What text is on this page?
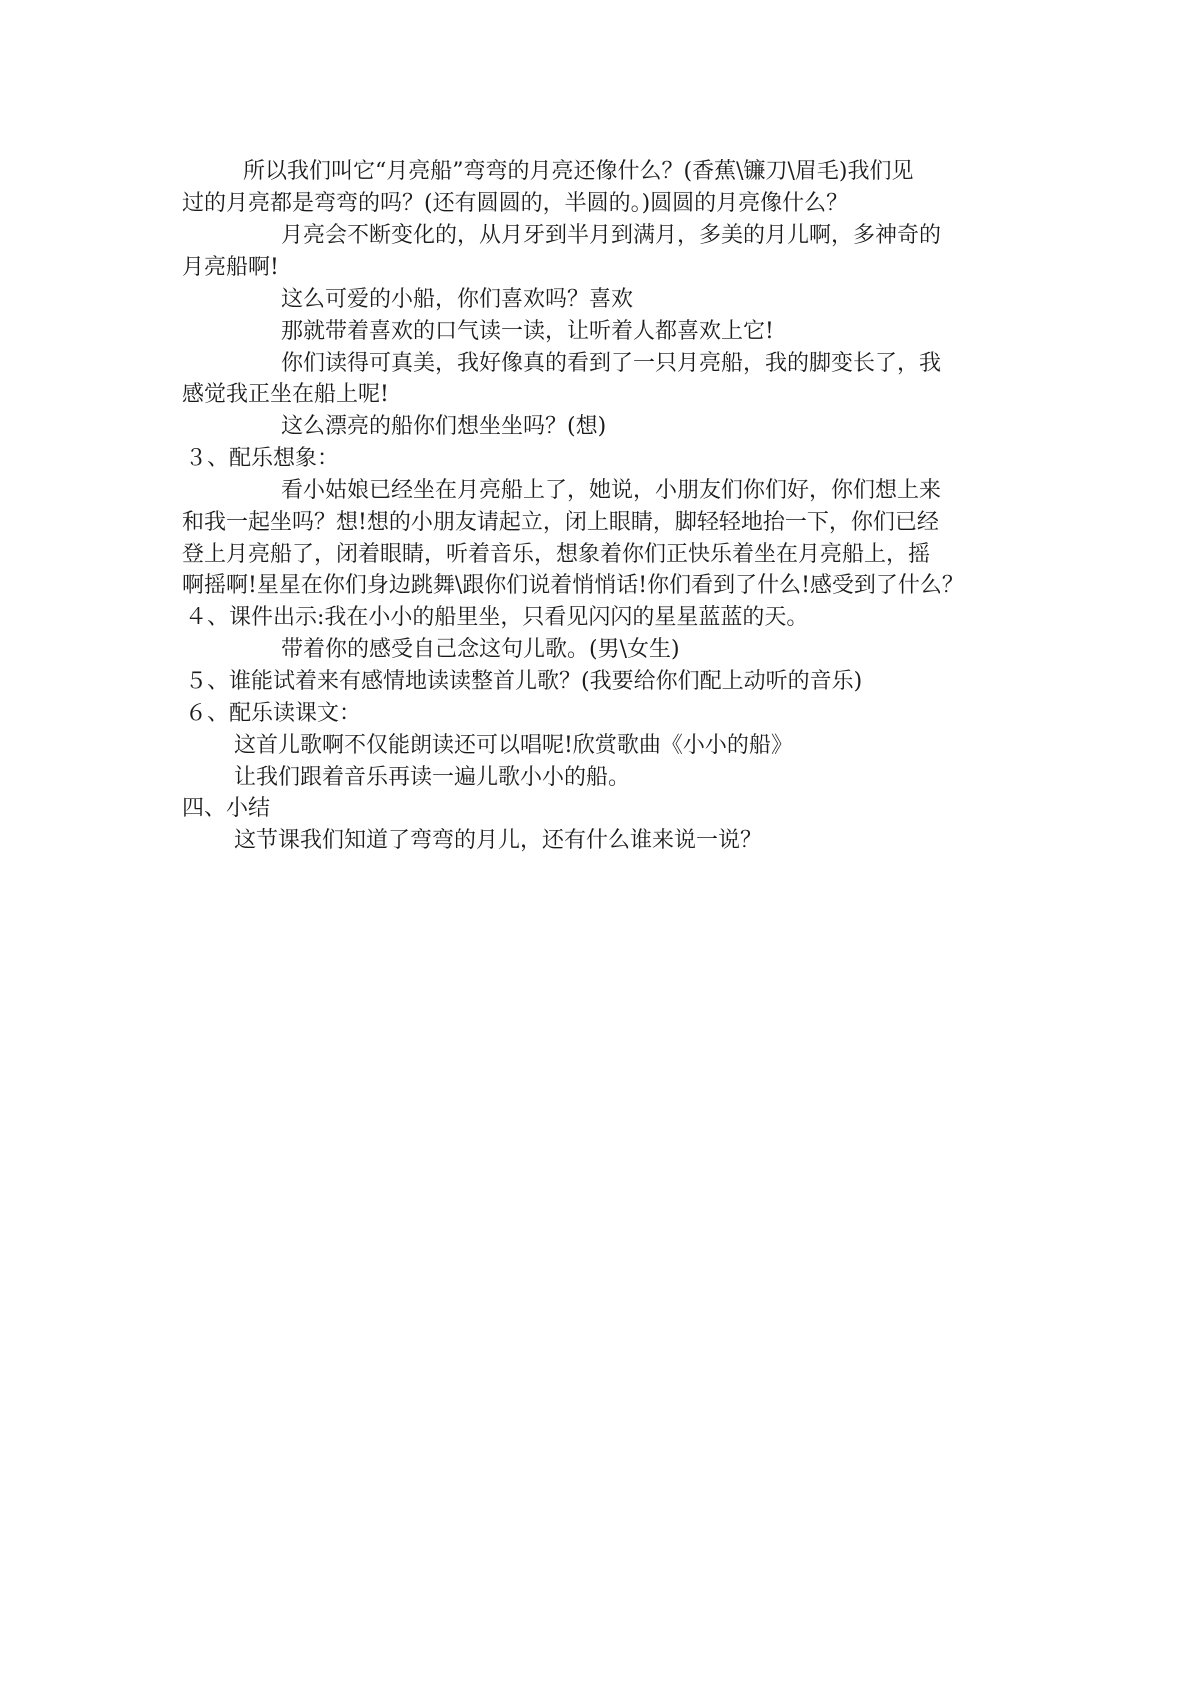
所以我们叫它“月亮船”弯弯的月亮还像什么？(香蕉\镰刀\眉毛)我们见
过的月亮都是弯弯的吗？(还有圆圆的，半圆的。)圆圆的月亮像什么？
月亮会不断变化的，从月牙到半月到满月，多美的月儿啊，多神奇的
月亮船啊!
这么可爱的小船，你们喜欢吗？喜欢
那就带着喜欢的口气读一读，让听着人都喜欢上它!
你们读得可真美，我好像真的看到了一只月亮船，我的脚变长了，我
感觉我正坐在船上呢!
这么漂亮的船你们想坐坐吗？(想)
３、配乐想象：
看小姑娘已经坐在月亮船上了，她说，小朋友们你们好，你们想上来
和我一起坐吗？想!想的小朋友请起立，闭上眼睛，脚轻轻地抬一下，你们已经
登上月亮船了，闭着眼睛，听着音乐，想象着你们正快乐着坐在月亮船上，摇
啊摇啊!星星在你们身边跳舞\跟你们说着悄悄话!你们看到了什么!感受到了什么？
４、课件出示:我在小小的船里坐，只看见闪闪的星星蓝蓝的天。
带着你的感受自己念这句儿歌。(男\女生)
５、谁能试着来有感情地读读整首儿歌？(我要给你们配上动听的音乐)
６、配乐读课文：
这首儿歌啊不仅能朗读还可以唱呢!欣赏歌曲《小小的船》
让我们跟着音乐再读一遍儿歌小小的船。
四、小结
这节课我们知道了弯弯的月儿，还有什么谁来说一说？
